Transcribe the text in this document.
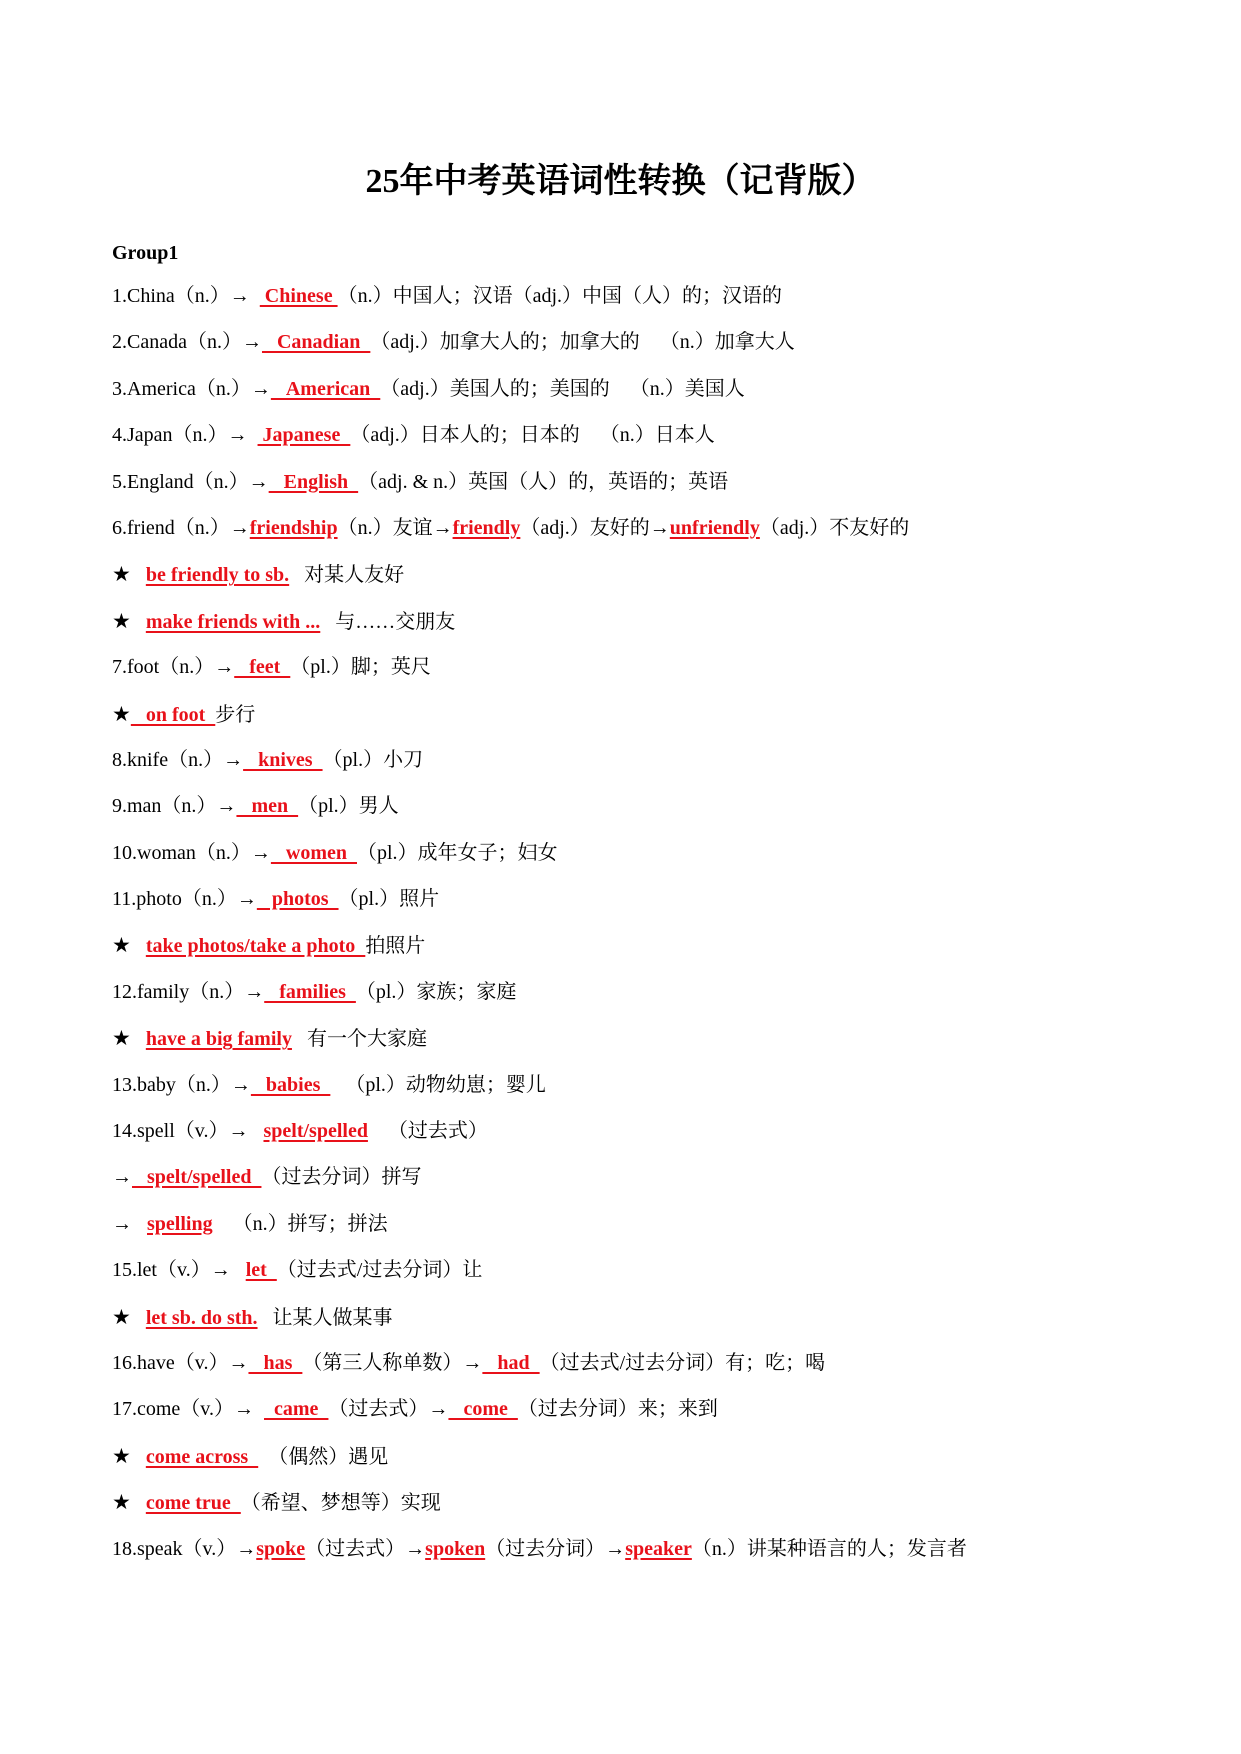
25年中考英语词性转换（记背版）
Group1
1.China（n.）→   Chinese （n.）中国人；汉语（adj.）中国（人）的；汉语的
2.Canada（n.）→   Canadian  （adj.）加拿大人的；加拿大的    （n.）加拿大人
3.America（n.）→   American  （adj.）美国人的；美国的    （n.）美国人
4.Japan（n.）→   Japanese  （adj.）日本人的；日本的    （n.）日本人
5.England（n.）→   English  （adj. & n.）英国（人）的，英语的；英语
6.friend（n.）→friendship（n.）友谊→friendly（adj.）友好的→unfriendly（adj.）不友好的
★ be friendly to sb.   对某人友好
★ make friends with ...   与……交朋友
7.foot（n.）→   feet  （pl.）脚；英尺
★   on foot  步行
8.knife（n.）→   knives  （pl.）小刀
9.man（n.）→   men  （pl.）男人
10.woman（n.）→   women  （pl.）成年女子；妇女
11.photo（n.）→   photos  （pl.）照片
★ take photos/take a photo  拍照片
12.family（n.）→   families  （pl.）家族；家庭
★ have a big family   有一个大家庭
13.baby（n.）→   babies     （pl.）动物幼崽；婴儿
14.spell（v.）→   spelt/spelled    （过去式）
→   spelt/spelled  （过去分词）拼写
→   spelling    （n.）拼写；拼法
15.let（v.）→   let  （过去式/过去分词）让
★ let sb. do sth.   让某人做某事
16.have（v.）→   has  （第三人称单数）→   had  （过去式/过去分词）有；吃；喝
17.come（v.）→    came  （过去式）→   come  （过去分词）来；来到
★ come across    （偶然）遇见
★ come true  （希望、梦想等）实现
18.speak（v.）→spoke（过去式）→spoken（过去分词）→speaker（n.）讲某种语言的人；发言者
